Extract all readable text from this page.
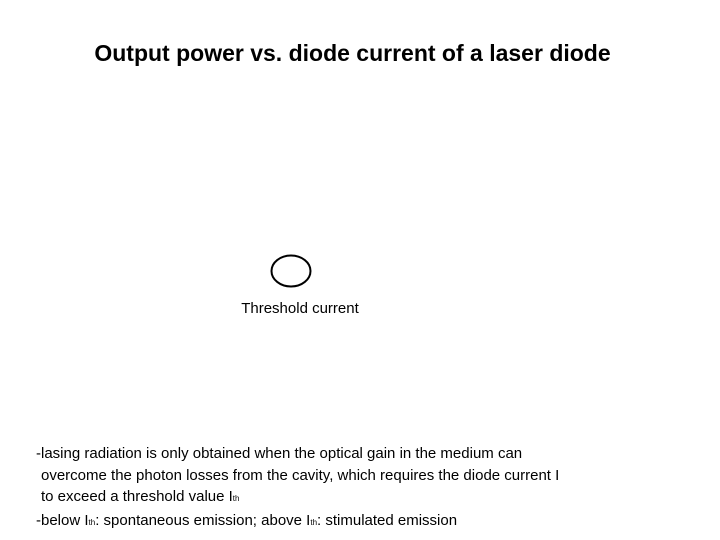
Output power vs. diode current of a laser diode
Threshold current
-lasing radiation is only obtained when the optical gain in the medium can
overcome the photon losses from the cavity, which requires the diode current I
to exceed a threshold value Ith
-below Ith: spontaneous emission; above Ith: stimulated emission
